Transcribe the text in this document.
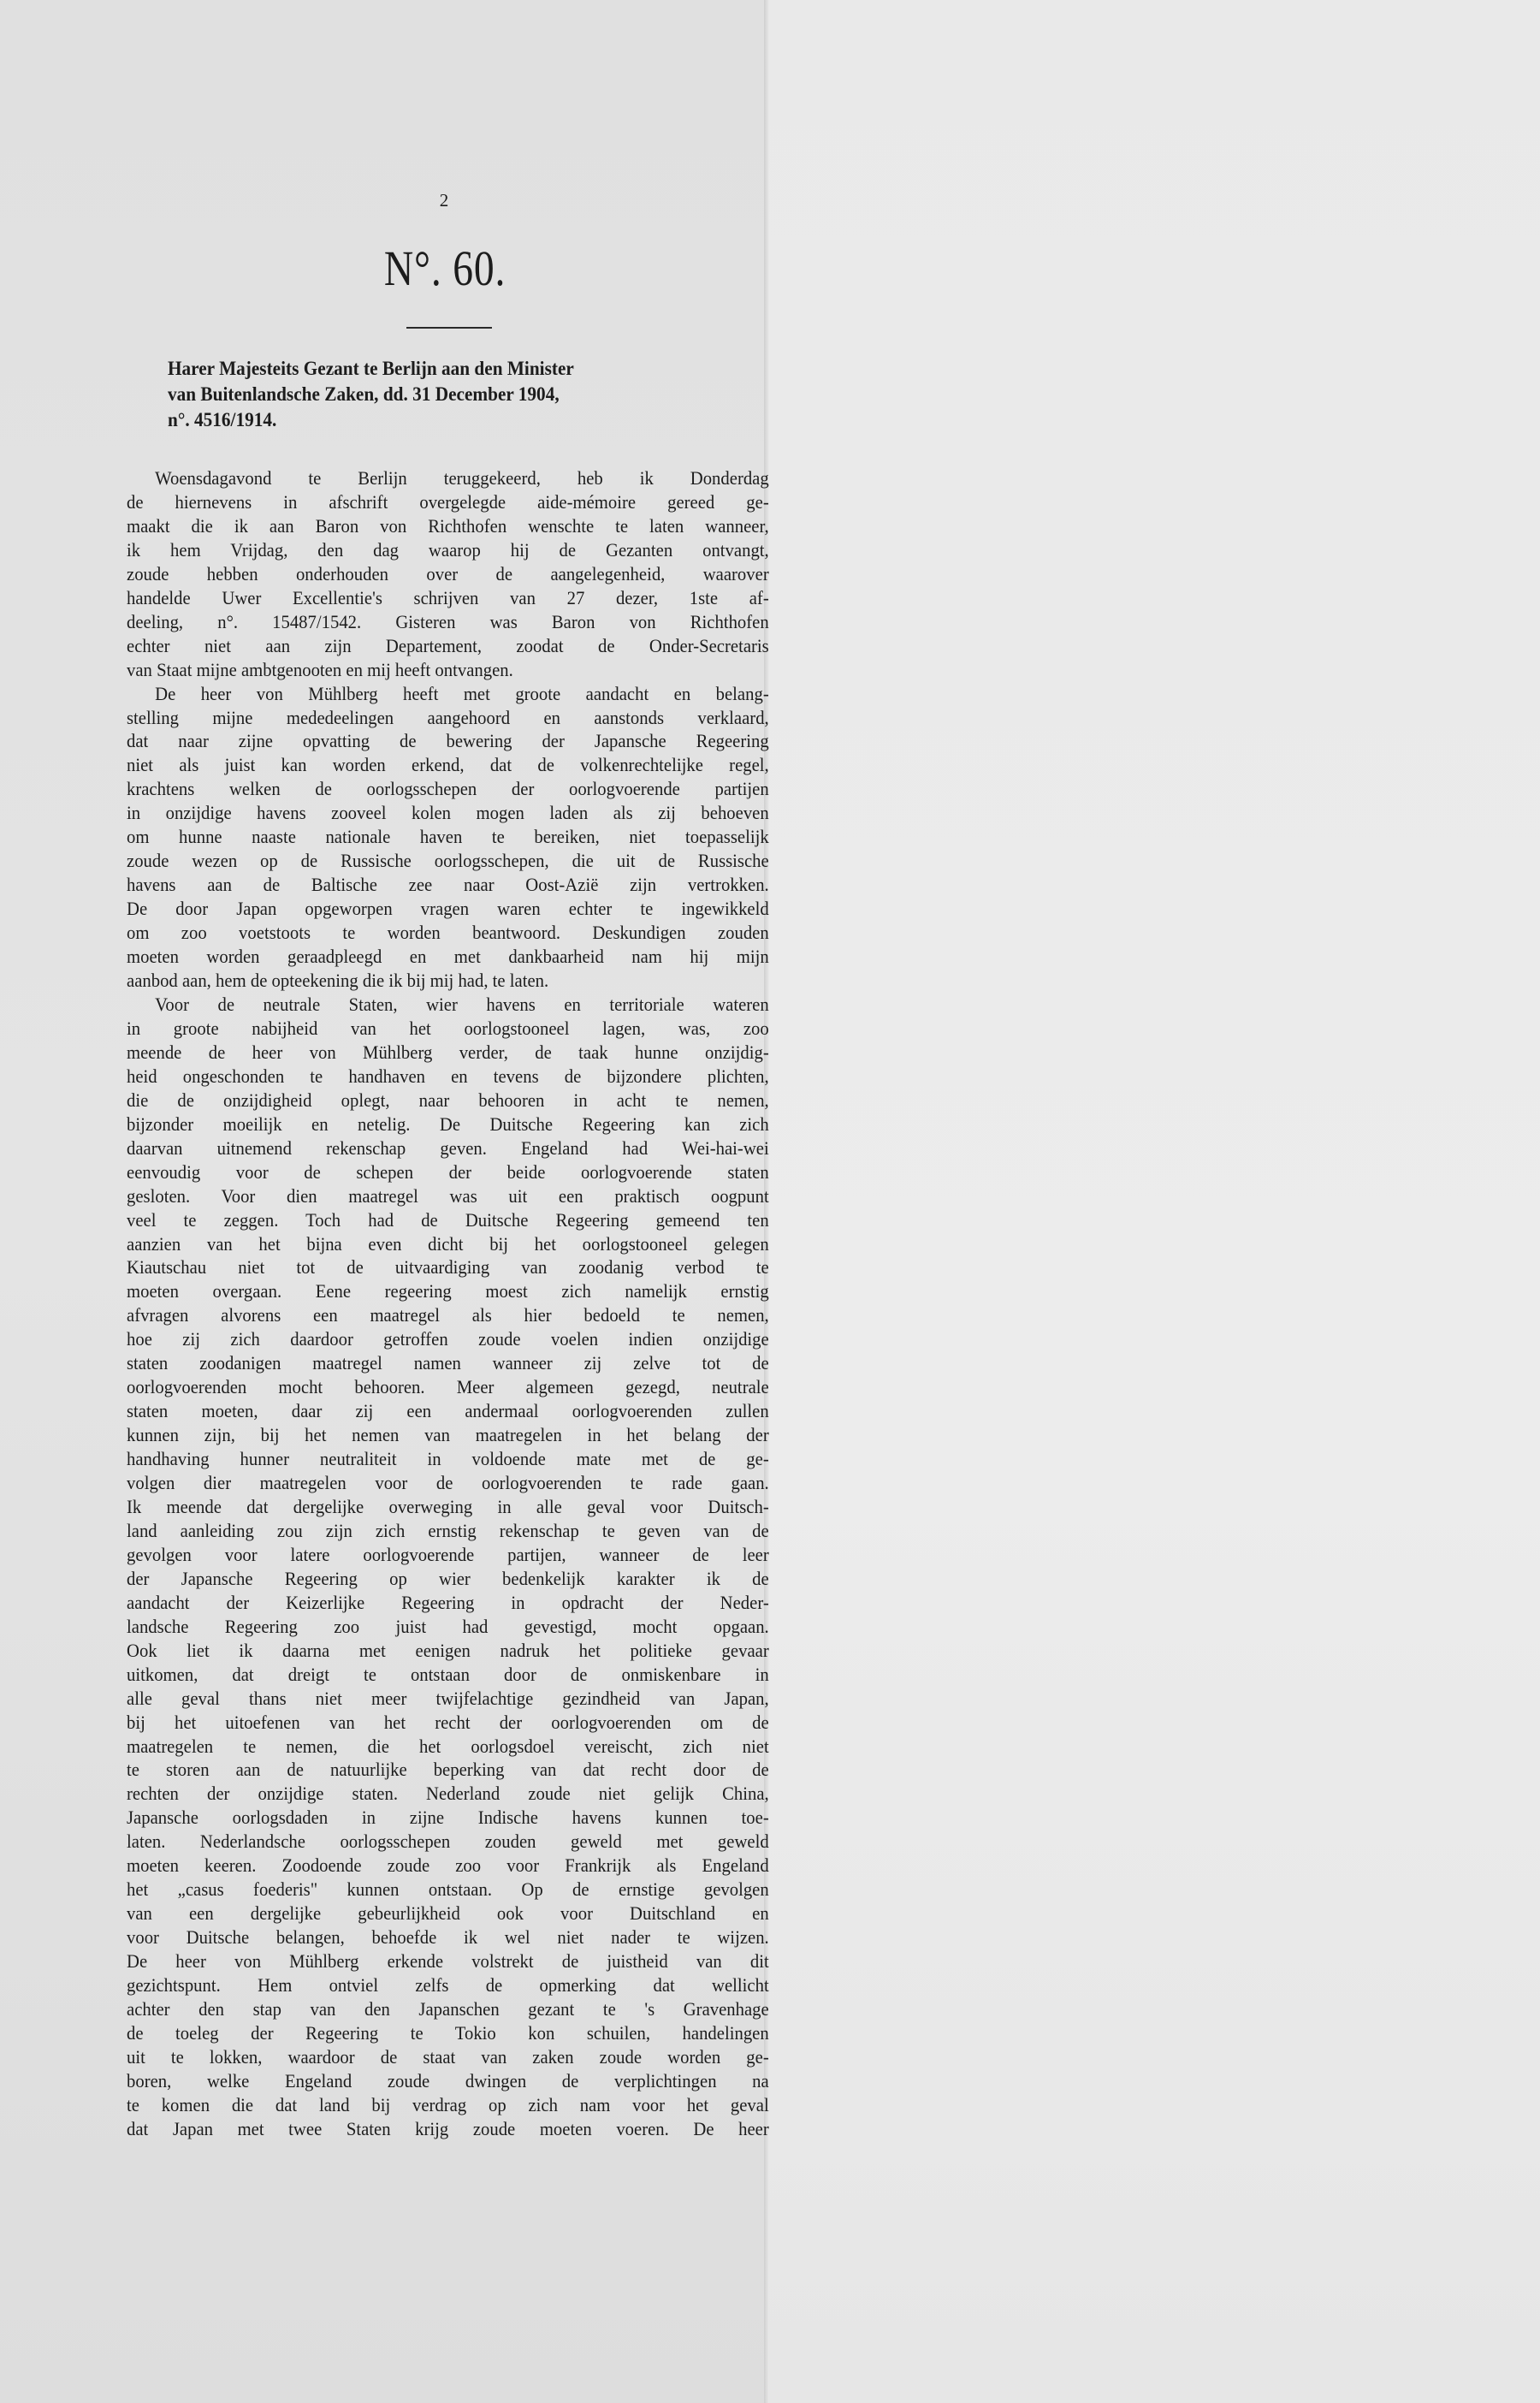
2
N°. 60.
Harer Majesteits Gezant te Berlijn aan den Minister
van Buitenlandsche Zaken, dd. 31 December 1904,
n°. 4516/1914.
Woensdagavond te Berlijn teruggekeerd, heb ik Donderdag
de hiernevens in afschrift overgelegde aide-mémoire gereed ge-
maakt die ik aan Baron von Richthofen wenschte te laten wanneer,
ik hem Vrijdag, den dag waarop hij de Gezanten ontvangt,
zoude hebben onderhouden over de aangelegenheid, waarover
handelde Uwer Excellentie's schrijven van 27 dezer, 1ste af-
deeling, n°. 15487/1542. Gisteren was Baron von Richthofen
echter niet aan zijn Departement, zoodat de Onder-Secretaris
van Staat mijne ambtgenooten en mij heeft ontvangen.
De heer von Mühlberg heeft met groote aandacht en belang-
stelling mijne mededeelingen aangehoord en aanstonds verklaard,
dat naar zijne opvatting de bewering der Japansche Regeering
niet als juist kan worden erkend, dat de volkenrechtelijke regel,
krachtens welken de oorlogsschepen der oorlogvoerende partijen
in onzijdige havens zooveel kolen mogen laden als zij behoeven
om hunne naaste nationale haven te bereiken, niet toepasselijk
zoude wezen op de Russische oorlogsschepen, die uit de Russische
havens aan de Baltische zee naar Oost-Azië zijn vertrokken.
De door Japan opgeworpen vragen waren echter te ingewikkeld
om zoo voetstoots te worden beantwoord. Deskundigen zouden
moeten worden geraadpleegd en met dankbaarheid nam hij mijn
aanbod aan, hem de opteekening die ik bij mij had, te laten.
Voor de neutrale Staten, wier havens en territoriale wateren
in groote nabijheid van het oorlogstooneel lagen, was, zoo
meende de heer von Mühlberg verder, de taak hunne onzijdig-
heid ongeschonden te handhaven en tevens de bijzondere plichten,
die de onzijdigheid oplegt, naar behooren in acht te nemen,
bijzonder moeilijk en netelig. De Duitsche Regeering kan zich
daarvan uitnemend rekenschap geven. Engeland had Wei-hai-wei
eenvoudig voor de schepen der beide oorlogvoerende staten
gesloten. Voor dien maatregel was uit een praktisch oogpunt
veel te zeggen. Toch had de Duitsche Regeering gemeend ten
aanzien van het bijna even dicht bij het oorlogstooneel gelegen
Kiautschau niet tot de uitvaardiging van zoodanig verbod te
moeten overgaan. Eene regeering moest zich namelijk ernstig
afvragen alvorens een maatregel als hier bedoeld te nemen,
hoe zij zich daardoor getroffen zoude voelen indien onzijdige
staten zoodanigen maatregel namen wanneer zij zelve tot de
oorlogvoerenden mocht behooren. Meer algemeen gezegd, neutrale
staten moeten, daar zij een andermaal oorlogvoerenden zullen
kunnen zijn, bij het nemen van maatregelen in het belang der
handhaving hunner neutraliteit in voldoende mate met de ge-
volgen dier maatregelen voor de oorlogvoerenden te rade gaan.
Ik meende dat dergelijke overweging in alle geval voor Duitsch-
land aanleiding zou zijn zich ernstig rekenschap te geven van de
gevolgen voor latere oorlogvoerende partijen, wanneer de leer
der Japansche Regeering op wier bedenkelijk karakter ik de
aandacht der Keizerlijke Regeering in opdracht der Neder-
landsche Regeering zoo juist had gevestigd, mocht opgaan.
Ook liet ik daarna met eenigen nadruk het politieke gevaar
uitkomen, dat dreigt te ontstaan door de onmiskenbare in
alle geval thans niet meer twijfelachtige gezindheid van Japan,
bij het uitoefenen van het recht der oorlogvoerenden om de
maatregelen te nemen, die het oorlogsdoel vereischt, zich niet
te storen aan de natuurlijke beperking van dat recht door de
rechten der onzijdige staten. Nederland zoude niet gelijk China,
Japansche oorlogsdaden in zijne Indische havens kunnen toe-
laten. Nederlandsche oorlogsschepen zouden geweld met geweld
moeten keeren. Zoodoende zoude zoo voor Frankrijk als Engeland
het „casus foederis" kunnen ontstaan. Op de ernstige gevolgen
van een dergelijke gebeurlijkheid ook voor Duitschland en
voor Duitsche belangen, behoefde ik wel niet nader te wijzen.
De heer von Mühlberg erkende volstrekt de juistheid van dit
gezichtspunt. Hem ontviel zelfs de opmerking dat wellicht
achter den stap van den Japanschen gezant te 's Gravenhage
de toeleg der Regeering te Tokio kon schuilen, handelingen
uit te lokken, waardoor de staat van zaken zoude worden ge-
boren, welke Engeland zoude dwingen de verplichtingen na
te komen die dat land bij verdrag op zich nam voor het geval
dat Japan met twee Staten krijg zoude moeten voeren. De heer
